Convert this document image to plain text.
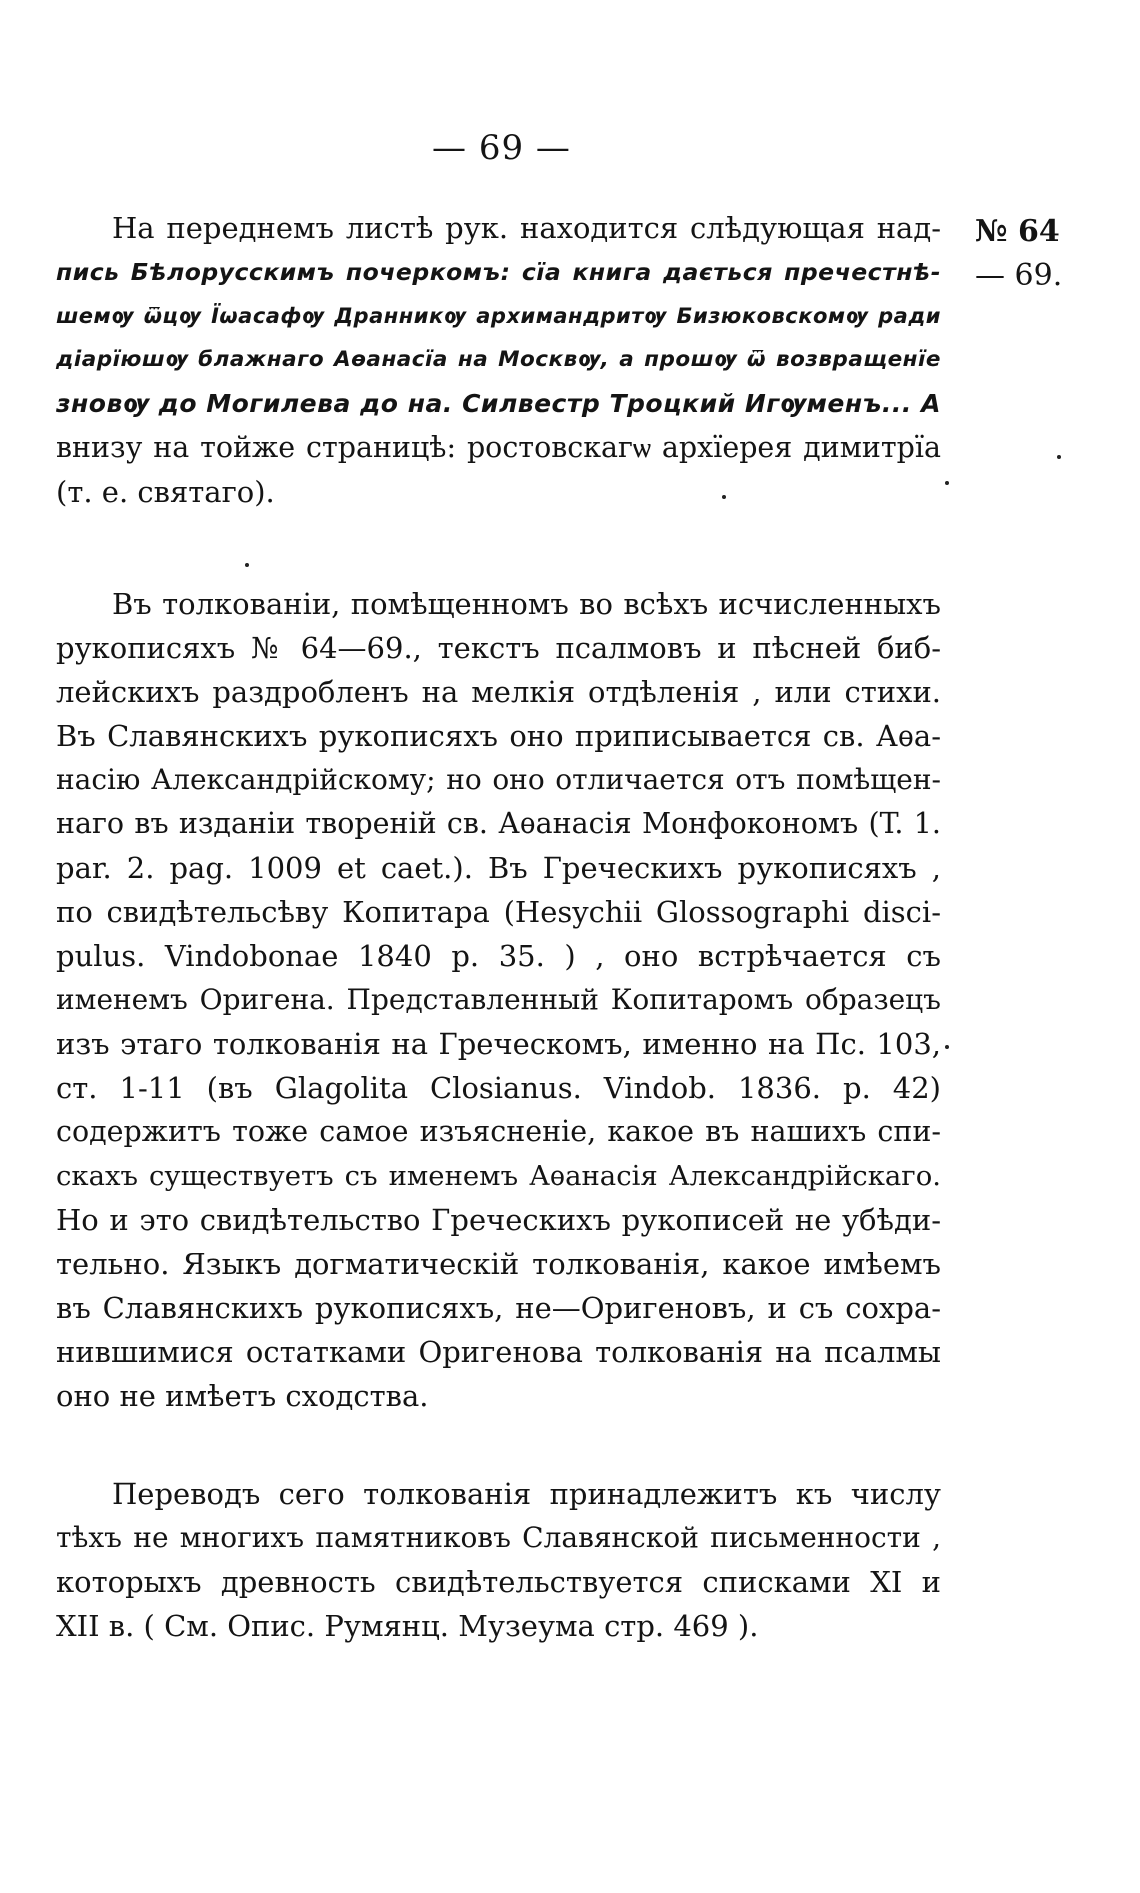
— 69 —
№ 64
— 69.
На переднемъ листѣ рук. находится слѣдующая над-
пись Бѣлорусскимъ почеркомъ: сїа книга дається пречестнѣ-
шемѹ ѿцѹ Їѡасафѹ Дранникѹ архимандритѹ Бизюковскомѹ ради
діарїюшѹ блажнаго Аѳанасїа на Москвѹ, а прошѹ ѿ возвращенїе
зновѹ до Могилева до на. Силвестр Троцкий Игѹменъ... А
внизу на тойже страницѣ: ростовскагѡ архїерея димитрїа
(т. е. святаго).
Въ толкованіи, помѣщенномъ во всѣхъ исчисленныхъ
рукописяхъ № 64—69., текстъ псалмовъ и пѣсней биб-
лейскихъ раздробленъ на мелкія отдѣленія , или стихи.
Въ Славянскихъ рукописяхъ оно приписывается св. Аѳа-
насію Александрійскому; но оно отличается отъ помѣщен-
наго въ изданіи твореній св. Аѳанасія Монфокономъ (T. 1.
par. 2. pag. 1009 et caet.). Въ Греческихъ рукописяхъ ,
по свидѣтельсѣву Копитара (Hesychii Glossographi disci-
pulus. Vindobonae 1840 p. 35. ) , оно встрѣчается съ
именемъ Оригена. Представленный Копитаромъ образецъ
изъ этаго толкованія на Греческомъ, именно на Пс. 103,
ст. 1-11 (въ Glagolita Closianus. Vindob. 1836. p. 42)
содержитъ тоже самое изъясненіе, какое въ нашихъ спи-
скахъ существуетъ съ именемъ Аѳанасія Александрійскаго.
Но и это свидѣтельство Греческихъ рукописей не убѣди-
тельно. Языкъ догматическій толкованія, какое имѣемъ
въ Славянскихъ рукописяхъ, не—Оригеновъ, и съ сохра-
нившимися остатками Оригенова толкованія на псалмы
оно не имѣетъ сходства.
Переводъ сего толкованія принадлежитъ къ числу
тѣхъ не многихъ памятниковъ Славянской письменности ,
которыхъ древность свидѣтельствуется списками XI и
XII в. ( См. Опис. Румянц. Музеума стр. 469 ).
